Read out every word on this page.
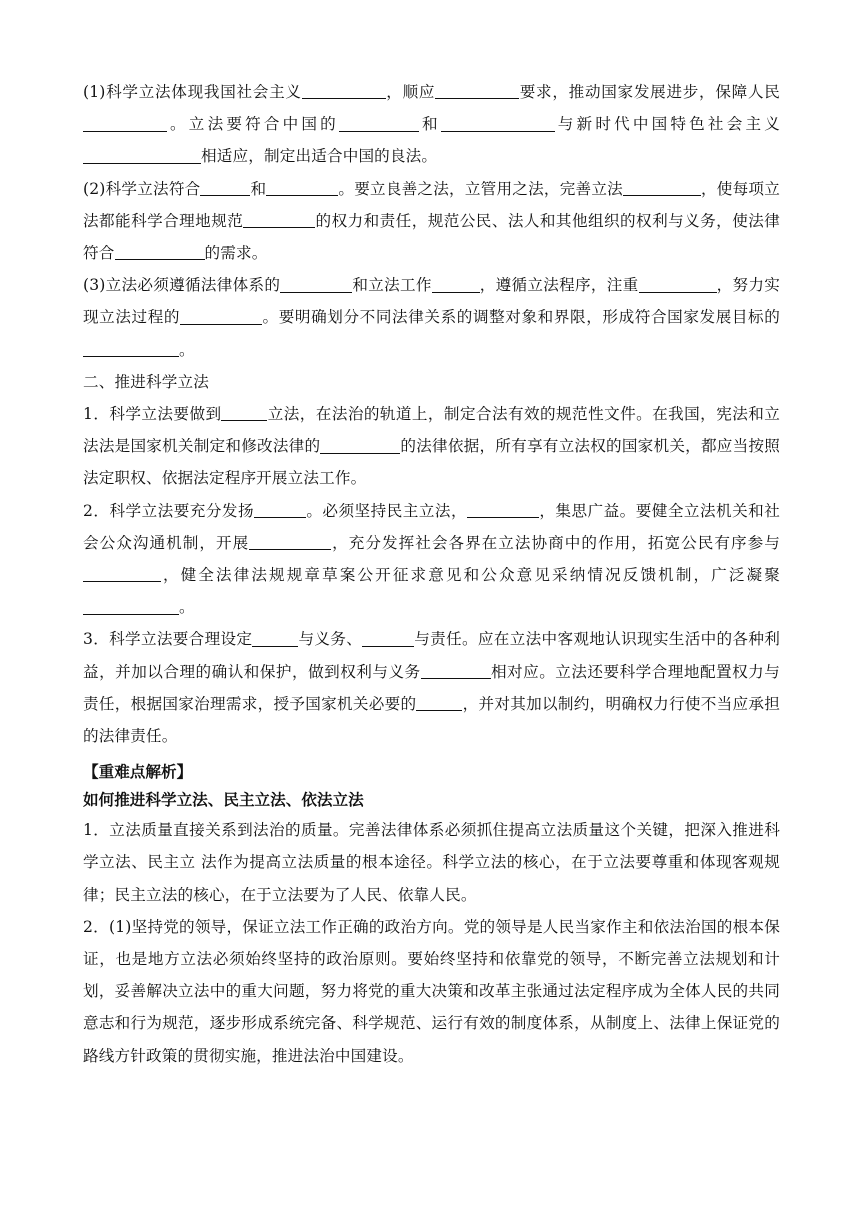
(1)科学立法体现我国社会主义	，顺应	要求，推动国家发展进步，保障人民。立法要符合中国的	和	与新时代中国特色社会主义相适应，制定出适合中国的良法。

(2)科学立法符合	和	。要立良善之法，立管用之法，完善立法	，使每项立法都能科学合理地规范	的权力和责任，规范公民、法人和其他组织的权利与义务，使法律符合	的需求。

(3)立法必须遵循法律体系的	和立法工作	，遵循立法程序，注重	，努力实现立法过程的	。要明确划分不同法律关系的调整对象和界限，形成符合国家发展目标的。

二、推进科学立法

1．科学立法要做到	立法，在法治的轨道上，制定合法有效的规范性文件。在我国，宪法和立法法是国家机关制定和修改法律的	的法律依据，所有享有立法权的国家机关，都应当按照法定职权、依据法定程序开展立法工作。

2．科学立法要充分发扬	。必须坚持民主立法，	，集思广益。要健全立法机关和社会公众沟通机制，开展	，充分发挥社会各界在立法协商中的作用，拓宽公民有序参与，健全法律法规规章草案公开征求意见和公众意见采纳情况反馈机制，广泛凝聚。

3．科学立法要合理设定	与义务、	与责任。应在立法中客观地认识现实生活中的各种利益，并加以合理的确认和保护，做到权利与义务	相对应。立法还要科学合理地配置权力与责任，根据国家治理需求，授予国家机关必要的	，并对其加以制约，明确权力行使不当应承担的法律责任。

【重难点解析】

如何推进科学立法、民主立法、依法立法

1．立法质量直接关系到法治的质量。完善法律体系必须抓住提高立法质量这个关键，把深入推进科学立法、民主立 法作为提高立法质量的根本途径。科学立法的核心，在于立法要尊重和体现客观规律；民主立法的核心，在于立法要为了人民、依靠人民。

2．(1)坚持党的领导，保证立法工作正确的政治方向。党的领导是人民当家作主和依法治国的根本保证，也是地方立法必须始终坚持的政治原则。要始终坚持和依靠党的领导，不断完善立法规划和计划，妥善解决立法中的重大问题，努力将党的重大决策和改革主张通过法定程序成为全体人民的共同意志和行为规范，逐步形成系统完备、科学规范、运行有效的制度体系，从制度上、法律上保证党的路线方针政策的贯彻实施，推进法治中国建设。
